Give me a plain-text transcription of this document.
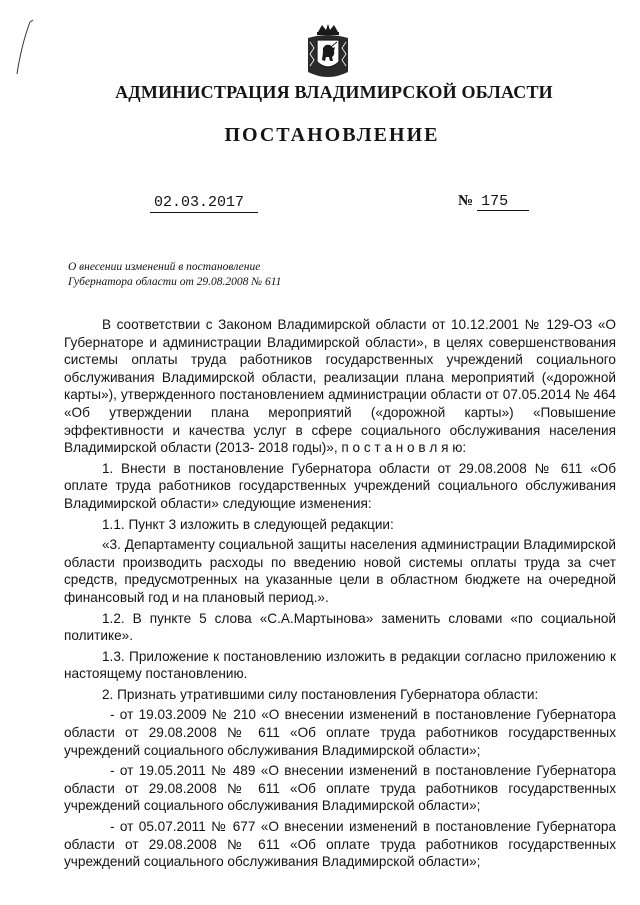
АДМИНИСТРАЦИЯ ВЛАДИМИРСКОЙ ОБЛАСТИ
ПОСТАНОВЛЕНИЕ
02.03.2017	№ 175
О внесении изменений в постановление
Губернатора области от 29.08.2008 № 611

В соответствии с Законом Владимирской области от 10.12.2001 № 129-ОЗ «О Губернаторе и администрации Владимирской области», в целях совершенствования системы оплаты труда работников государственных учреждений социального обслуживания Владимирской области, реализации плана мероприятий («дорожной карты»), утвержденного постановлением администрации области от 07.05.2014 № 464 «Об утверждении плана мероприятий («дорожной карты») «Повышение эффективности и качества услуг в сфере социального обслуживания населения Владимирской области (2013- 2018 годы)», п о с т а н о в л я ю:

1. Внести в постановление Губернатора области от 29.08.2008 № 611 «Об оплате труда работников государственных учреждений социального обслуживания Владимирской области» следующие изменения:

1.1. Пункт 3 изложить в следующей редакции:

«3. Департаменту социальной защиты населения администрации Владимирской области производить расходы по введению новой системы оплаты труда за счет средств, предусмотренных на указанные цели в областном бюджете на очередной финансовый год и на плановый период.».

1.2. В пункте 5 слова «С.А.Мартынова» заменить словами «по социальной политике».

1.3. Приложение к постановлению изложить в редакции согласно приложению к настоящему постановлению.

2. Признать утратившими силу постановления Губернатора области:

- от 19.03.2009 № 210 «О внесении изменений в постановление Губернатора области от 29.08.2008 № 611 «Об оплате труда работников государственных учреждений социального обслуживания Владимирской области»;

- от 19.05.2011 № 489 «О внесении изменений в постановление Губернатора области от 29.08.2008 № 611 «Об оплате труда работников государственных учреждений социального обслуживания Владимирской области»;

- от 05.07.2011 № 677 «О внесении изменений в постановление Губернатора области от 29.08.2008 № 611 «Об оплате труда работников государственных учреждений социального обслуживания Владимирской области»;
